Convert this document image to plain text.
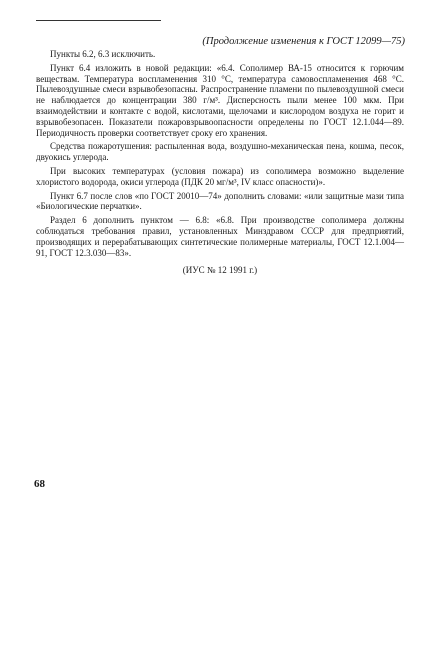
(Продолжение изменения к ГОСТ 12099—75)

Пункты 6.2, 6.3 исключить.

Пункт 6.4 изложить в новой редакции: «6.4. Сополимер ВА-15 относится к горючим веществам. Температура воспламенения 310 °С, температура самовоспламенения 468 °С. Пылевоздушные смеси взрывобезопасны. Распространение пламени по пылевоздушной смеси не наблюдается до концентрации 380 г/м³. Дисперсность пыли менее 100 мкм. При взаимодействии и контакте с водой, кислотами, щелочами и кислородом воздуха не горит и взрывобезопасен. Показатели пожаровзрывоопасности определены по ГОСТ 12.1.044—89. Периодичность проверки соответствует сроку его хранения.

Средства пожаротушения: распыленная вода, воздушно-механическая пена, кошма, песок, двуокись углерода.

При высоких температурах (условия пожара) из сополимера возможно выделение хлористого водорода, окиси углерода (ПДК 20 мг/м³, IV класс опасности)».

Пункт 6.7 после слов «по ГОСТ 20010—74» дополнить словами: «или защитные мази типа «Биологические перчатки».

Раздел 6 дополнить пунктом — 6.8: «6.8. При производстве сополимера должны соблюдаться требования правил, установленных Минздравом СССР для предприятий, производящих и перерабатывающих синтетические полимерные материалы, ГОСТ 12.1.004—91, ГОСТ 12.3.030—83».

(ИУС № 12 1991 г.)

68
